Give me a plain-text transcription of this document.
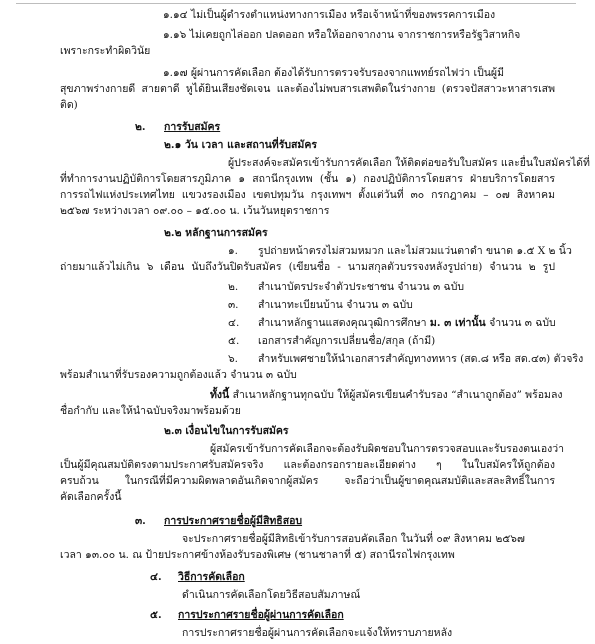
๑.๑๔ ไม่เป็นผู้ดำรงตำแหน่งทางการเมือง หรือเจ้าหน้าที่ของพรรคการเมือง
๑.๑๖ ไม่เคยถูกไล่ออก ปลดออก หรือให้ออกจากงาน จากราชการหรือรัฐวิสาหกิจ
เพราะกระทำผิดวินัย
๑.๑๗ ผู้ผ่านการคัดเลือก ต้องได้รับการตรวจรับรองจากแพทย์รถไฟว่า เป็นผู้มี
สุขภาพร่างกายดี สายตาดี หูได้ยินเสียงชัดเจน และต้องไม่พบสารเสพติดในร่างกาย (ตรวจปัสสาวะหาสารเสพ
ติด)
๒. การรับสมัคร
๒.๑ วัน เวลา และสถานที่รับสมัคร
ผู้ประสงค์จะสมัครเข้ารับการคัดเลือก ให้ติดต่อขอรับใบสมัคร และยื่นใบสมัครได้ที่
ที่ทำการงานปฏิบัติการโดยสารภูมิภาค ๑ สถานีกรุงเทพ (ชั้น ๑) กองปฏิบัติการโดยสาร ฝ่ายบริการโดยสาร
การรถไฟแห่งประเทศไทย แขวงรองเมือง เขตปทุมวัน กรุงเทพฯ ตั้งแต่วันที่ ๓๐ กรกฎาคม – ๐๗ สิงหาคม
๒๕๖๗ ระหว่างเวลา ๐๙.๐๐ – ๑๕.๐๐ น. เว้นวันหยุดราชการ
๒.๒ หลักฐานการสมัคร
๑. รูปถ่ายหน้าตรงไม่สวมหมวก และไม่สวมแว่นตาดำ ขนาด ๑.๕ X ๒ นิ้ว
ถ่ายมาแล้วไม่เกิน ๖ เดือน นับถึงวันปิดรับสมัคร (เขียนชื่อ - นามสกุลตัวบรรจงหลังรูปถ่าย) จำนวน ๒ รูป
๒. สำเนาบัตรประจำตัวประชาชน จำนวน ๓ ฉบับ
๓. สำเนาทะเบียนบ้าน จำนวน ๓ ฉบับ
๔. สำเนาหลักฐานแสดงคุณวุฒิการศึกษา ม. ๓ เท่านั้น จำนวน ๓ ฉบับ
๕. เอกสารสำคัญการเปลี่ยนชื่อ/สกุล (ถ้ามี)
๖. สำหรับเพศชายให้นำเอกสารสำคัญทางทหาร (สด.๘ หรือ สด.๔๓) ตัวจริง
พร้อมสำเนาที่รับรองความถูกต้องแล้ว จำนวน ๓ ฉบับ
ทั้งนี้ สำเนาหลักฐานทุกฉบับ ให้ผู้สมัครเขียนคำรับรอง “สำเนาถูกต้อง” พร้อมลง
ชื่อกำกับ และให้นำฉบับจริงมาพร้อมด้วย
๒.๓ เงื่อนไขในการรับสมัคร
ผู้สมัครเข้ารับการคัดเลือกจะต้องรับผิดชอบในการตรวจสอบและรับรองตนเองว่า
เป็นผู้มีคุณสมบัติตรงตามประกาศรับสมัครจริง และต้องกรอกรายละเอียดต่าง ๆ ในใบสมัครให้ถูกต้อง
ครบถ้วน ในกรณีที่มีความผิดพลาดอันเกิดจากผู้สมัคร จะถือว่าเป็นผู้ขาดคุณสมบัติและสละสิทธิ์ในการ
คัดเลือกครั้งนี้
๓. การประกาศรายชื่อผู้มีสิทธิสอบ
จะประกาศรายชื่อผู้มีสิทธิเข้ารับการสอบคัดเลือก ในวันที่ ๐๙ สิงหาคม ๒๕๖๗
เวลา ๑๓.๐๐ น. ณ ป้ายประกาศข้างห้องรับรองพิเศษ (ชานชาลาที่ ๕) สถานีรถไฟกรุงเทพ
๔. วิธีการคัดเลือก
ดำเนินการคัดเลือกโดยวิธีสอบสัมภาษณ์
๕. การประกาศรายชื่อผู้ผ่านการคัดเลือก
การประกาศรายชื่อผู้ผ่านการคัดเลือกจะแจ้งให้ทราบภายหลัง
